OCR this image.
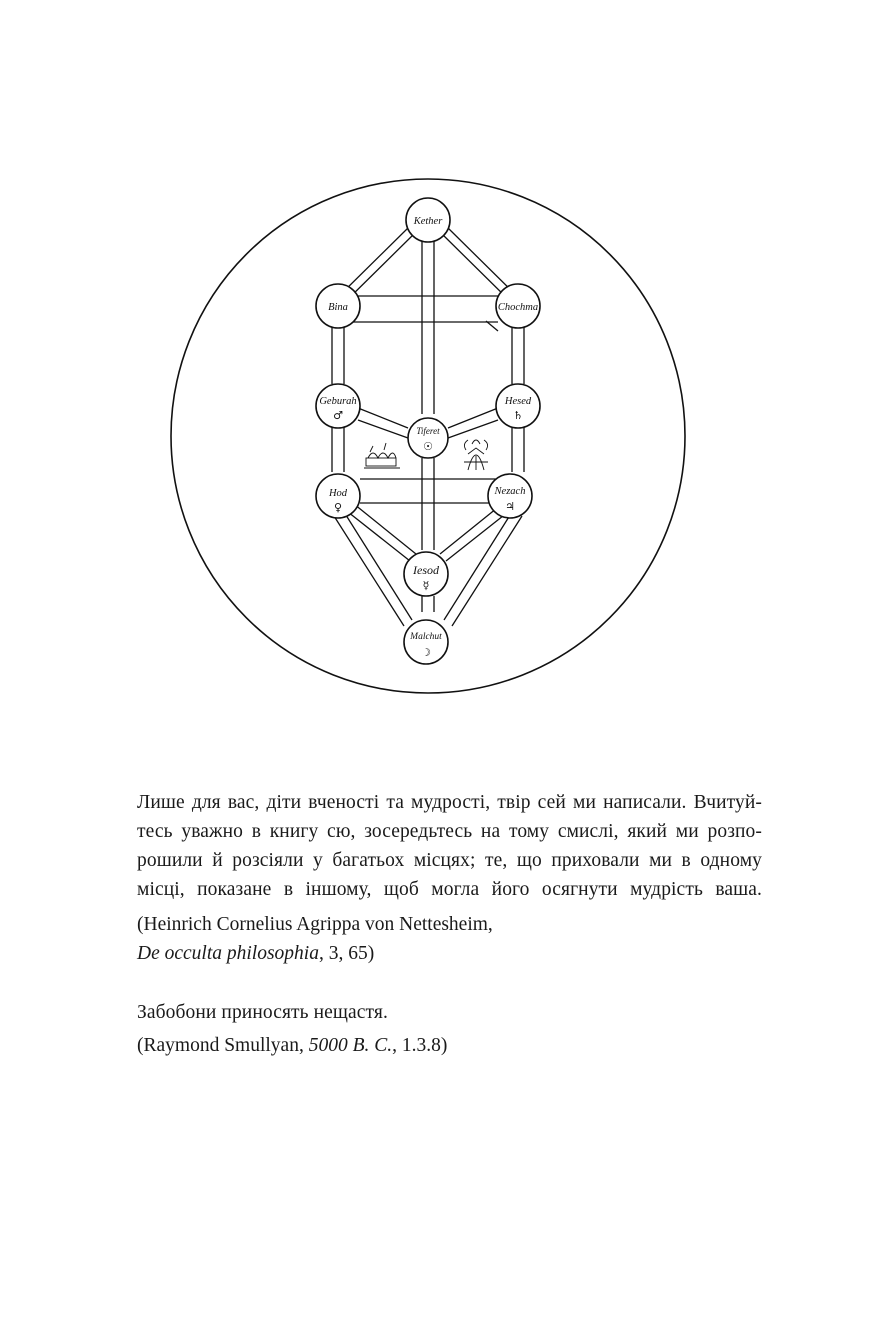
Kether
Bina	Chochma
Geburah
♂
Hesed
♄
Tiferet
☉
Hod
♀
Nezach
♃
Iesod
☿
Malchut
☽
Лише для вас, діти вченості та мудрості, твір сей ми написали. Вчитуй-
тесь уважно в книгу сю, зосередьтесь на тому смислі, який ми розпо-
рошили й розсіяли у багатьох місцях; те, що приховали ми в одному
місці, показане в іншому, щоб могла його осягнути мудрість ваша.
(Heinrich Cornelius Agrippa von Nettesheim,
De occulta philosophia, 3, 65)
Забобони приносять нещастя.
(Raymond Smullyan, 5000 B. C., 1.3.8)
